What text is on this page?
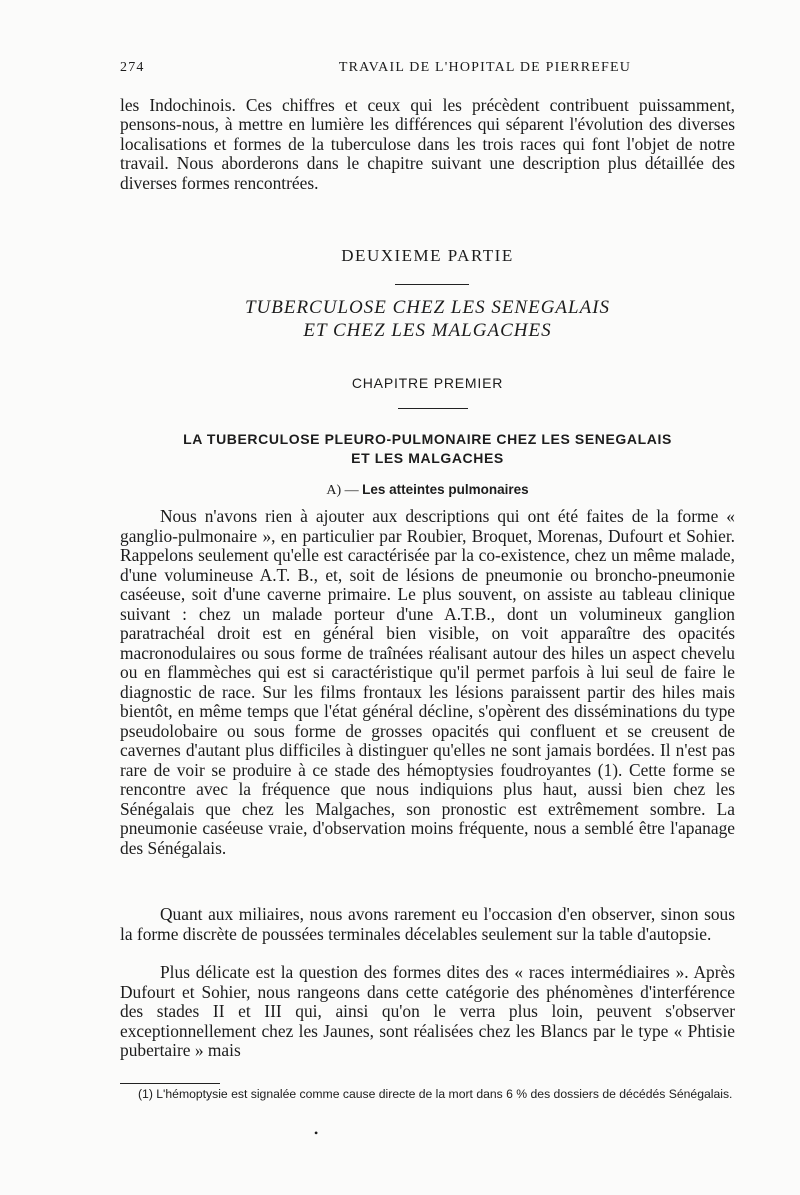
274	TRAVAIL DE L'HOPITAL DE PIERREFEU

les Indochinois. Ces chiffres et ceux qui les précèdent contribuent puissamment, pensons-nous, à mettre en lumière les différences qui séparent l'évolution des diverses localisations et formes de la tuberculose dans les trois races qui font l'objet de notre travail. Nous aborderons dans le chapitre suivant une description plus détaillée des diverses formes rencontrées.

DEUXIEME PARTIE
TUBERCULOSE CHEZ LES SENEGALAIS
ET CHEZ LES MALGACHES
CHAPITRE PREMIER
LA TUBERCULOSE PLEURO-PULMONAIRE CHEZ LES SENEGALAIS
ET LES MALGACHES
A) — Les atteintes pulmonaires

Nous n'avons rien à ajouter aux descriptions qui ont été faites de la forme « ganglio-pulmonaire », en particulier par Roubier, Broquet, Morenas, Dufourt et Sohier. Rappelons seulement qu'elle est caractérisée par la co-existence, chez un même malade, d'une volumineuse A.T. B., et, soit de lésions de pneumonie ou broncho-pneumonie caséeuse, soit d'une caverne primaire. Le plus souvent, on assiste au tableau clinique suivant : chez un malade porteur d'une A.T.B., dont un volumineux ganglion paratrachéal droit est en général bien visible, on voit apparaître des opacités macronodulaires ou sous forme de traînées réalisant autour des hiles un aspect chevelu ou en flammèches qui est si caractéristique qu'il permet parfois à lui seul de faire le diagnostic de race. Sur les films frontaux les lésions paraissent partir des hiles mais bientôt, en même temps que l'état général décline, s'opèrent des disséminations du type pseudolobaire ou sous forme de grosses opacités qui confluent et se creusent de cavernes d'autant plus difficiles à distinguer qu'elles ne sont jamais bordées. Il n'est pas rare de voir se produire à ce stade des hémoptysies foudroyantes (1). Cette forme se rencontre avec la fréquence que nous indiquions plus haut, aussi bien chez les Sénégalais que chez les Malgaches, son pronostic est extrêmement sombre. La pneumonie caséeuse vraie, d'observation moins fréquente, nous a semblé être l'apanage des Sénégalais.

Quant aux miliaires, nous avons rarement eu l'occasion d'en observer, sinon sous la forme discrète de poussées terminales décelables seulement sur la table d'autopsie.

Plus délicate est la question des formes dites des « races intermédiaires ». Après Dufourt et Sohier, nous rangeons dans cette catégorie des phénomènes d'interférence des stades II et III qui, ainsi qu'on le verra plus loin, peuvent s'observer exceptionnellement chez les Jaunes, sont réalisées chez les Blancs par le type « Phtisie pubertaire » mais

(1) L'hémoptysie est signalée comme cause directe de la mort dans 6 % des dossiers de décédés Sénégalais.
•
